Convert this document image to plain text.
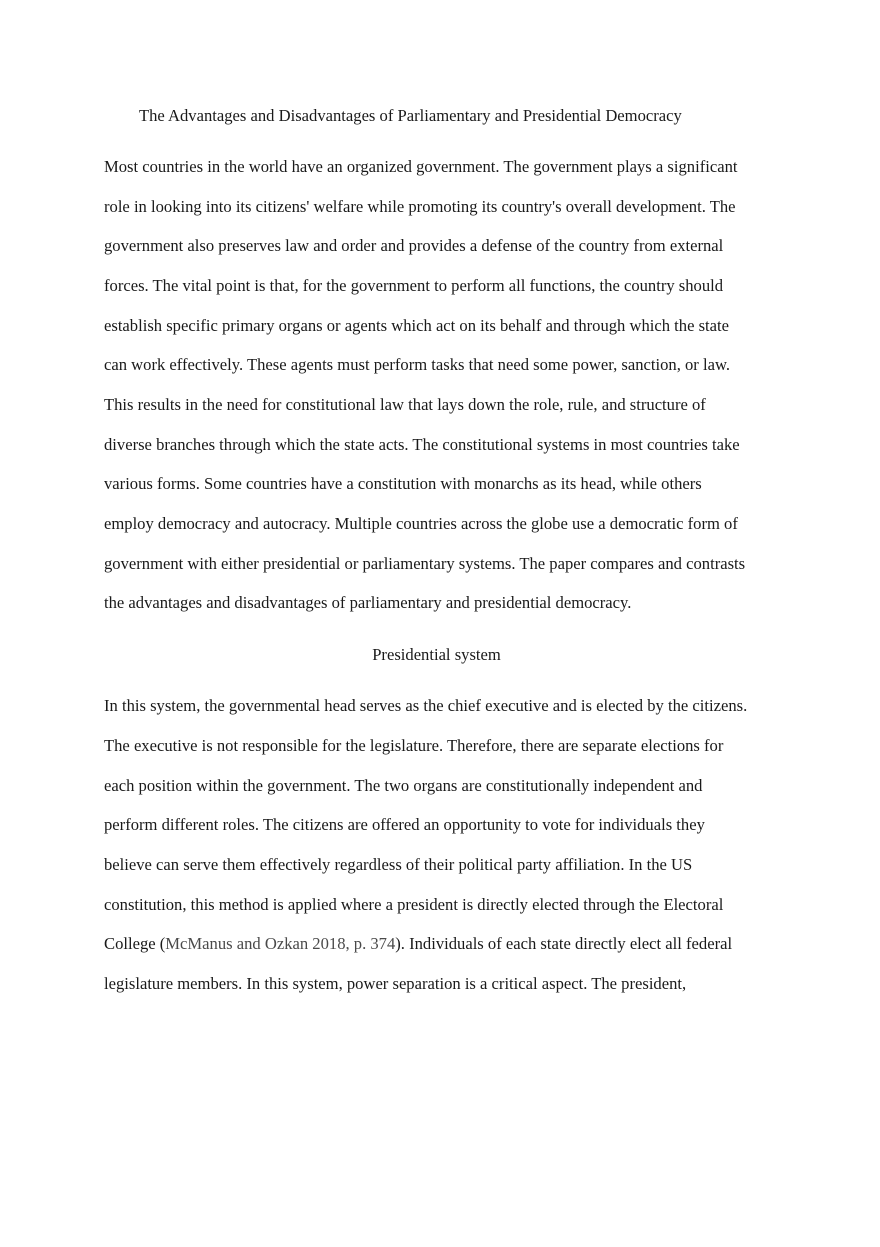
The Advantages and Disadvantages of Parliamentary and Presidential Democracy

Most countries in the world have an organized government. The government plays a significant

role in looking into its citizens' welfare while promoting its country's overall development. The

government also preserves law and order and provides a defense of the country from external

forces. The vital point is that, for the government to perform all functions, the country should

establish specific primary organs or agents which act on its behalf and through which the state

can work effectively. These agents must perform tasks that need some power, sanction, or law.

This results in the need for constitutional law that lays down the role, rule, and structure of

diverse branches through which the state acts. The constitutional systems in most countries take

various forms. Some countries have a constitution with monarchs as its head, while others

employ democracy and autocracy. Multiple countries across the globe use a democratic form of

government with either presidential or parliamentary systems. The paper compares and contrasts

the advantages and disadvantages of parliamentary and presidential democracy.

Presidential system

In this system, the governmental head serves as the chief executive and is elected by the citizens.

The executive is not responsible for the legislature. Therefore, there are separate elections for

each position within the government. The two organs are constitutionally independent and

perform different roles. The citizens are offered an opportunity to vote for individuals they

believe can serve them effectively regardless of their political party affiliation. In the US

constitution, this method is applied where a president is directly elected through the Electoral

College (McManus and Ozkan 2018, p. 374). Individuals of each state directly elect all federal

legislature members. In this system, power separation is a critical aspect. The president,
